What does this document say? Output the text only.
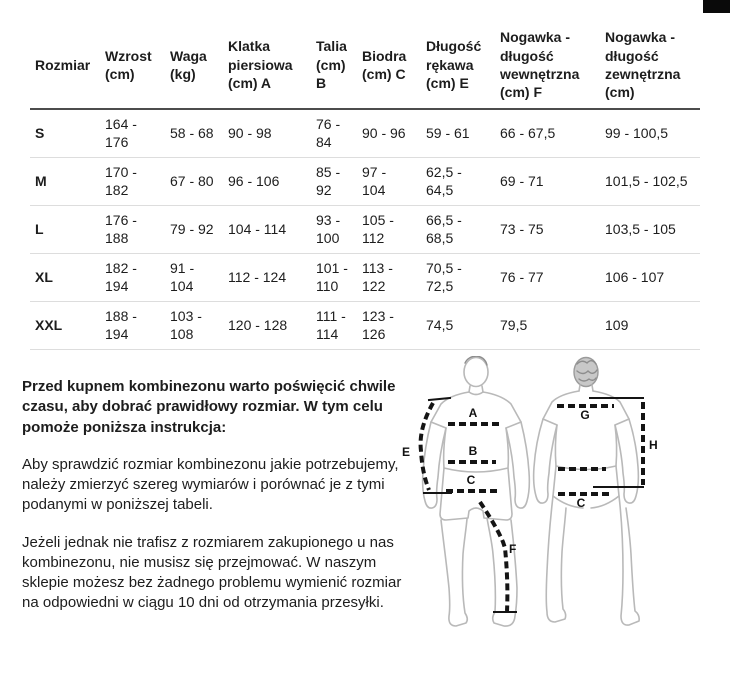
Rozmiar	Wzrost (cm)	Waga (kg)	Klatka piersiowa (cm) A	Talia (cm) B	Biodra (cm) C	Długość rękawa (cm) E	Nogawka - długość wewnętrzna (cm) F	Nogawka - długość zewnętrzna (cm)
S	164 - 176	58 - 68	90 - 98	76 - 84	90 - 96	59 - 61	66 - 67,5	99 - 100,5
M	170 - 182	67 - 80	96 - 106	85 - 92	97 - 104	62,5 - 64,5	69 - 71	101,5 - 102,5
L	176 - 188	79 - 92	104 - 114	93 - 100	105 - 112	66,5 - 68,5	73 - 75	103,5 - 105
XL	182 - 194	91 - 104	112 - 124	101 - 110	113 - 122	70,5 - 72,5	76 - 77	106 - 107
XXL	188 - 194	103 - 108	120 - 128	111 - 114	123 - 126	74,5	79,5	109

Przed kupnem kombinezonu warto poświęcić chwile czasu, aby dobrać prawidłowy rozmiar. W tym celu pomoże poniższa instrukcja:

Aby sprawdzić rozmiar kombinezonu jakie potrzebujemy, należy zmierzyć szereg wymiarów i porównać je z tymi podanymi w poniższej tabeli.

Jeżeli jednak nie trafisz z rozmiarem zakupionego u nas kombinezonu, nie musisz się przejmować. W naszym sklepie możesz bez żadnego problemu wymienić rozmiar na odpowiedni w ciągu 10 dni od otrzymania przesyłki.

E
A
B
C
F
G
H
C
